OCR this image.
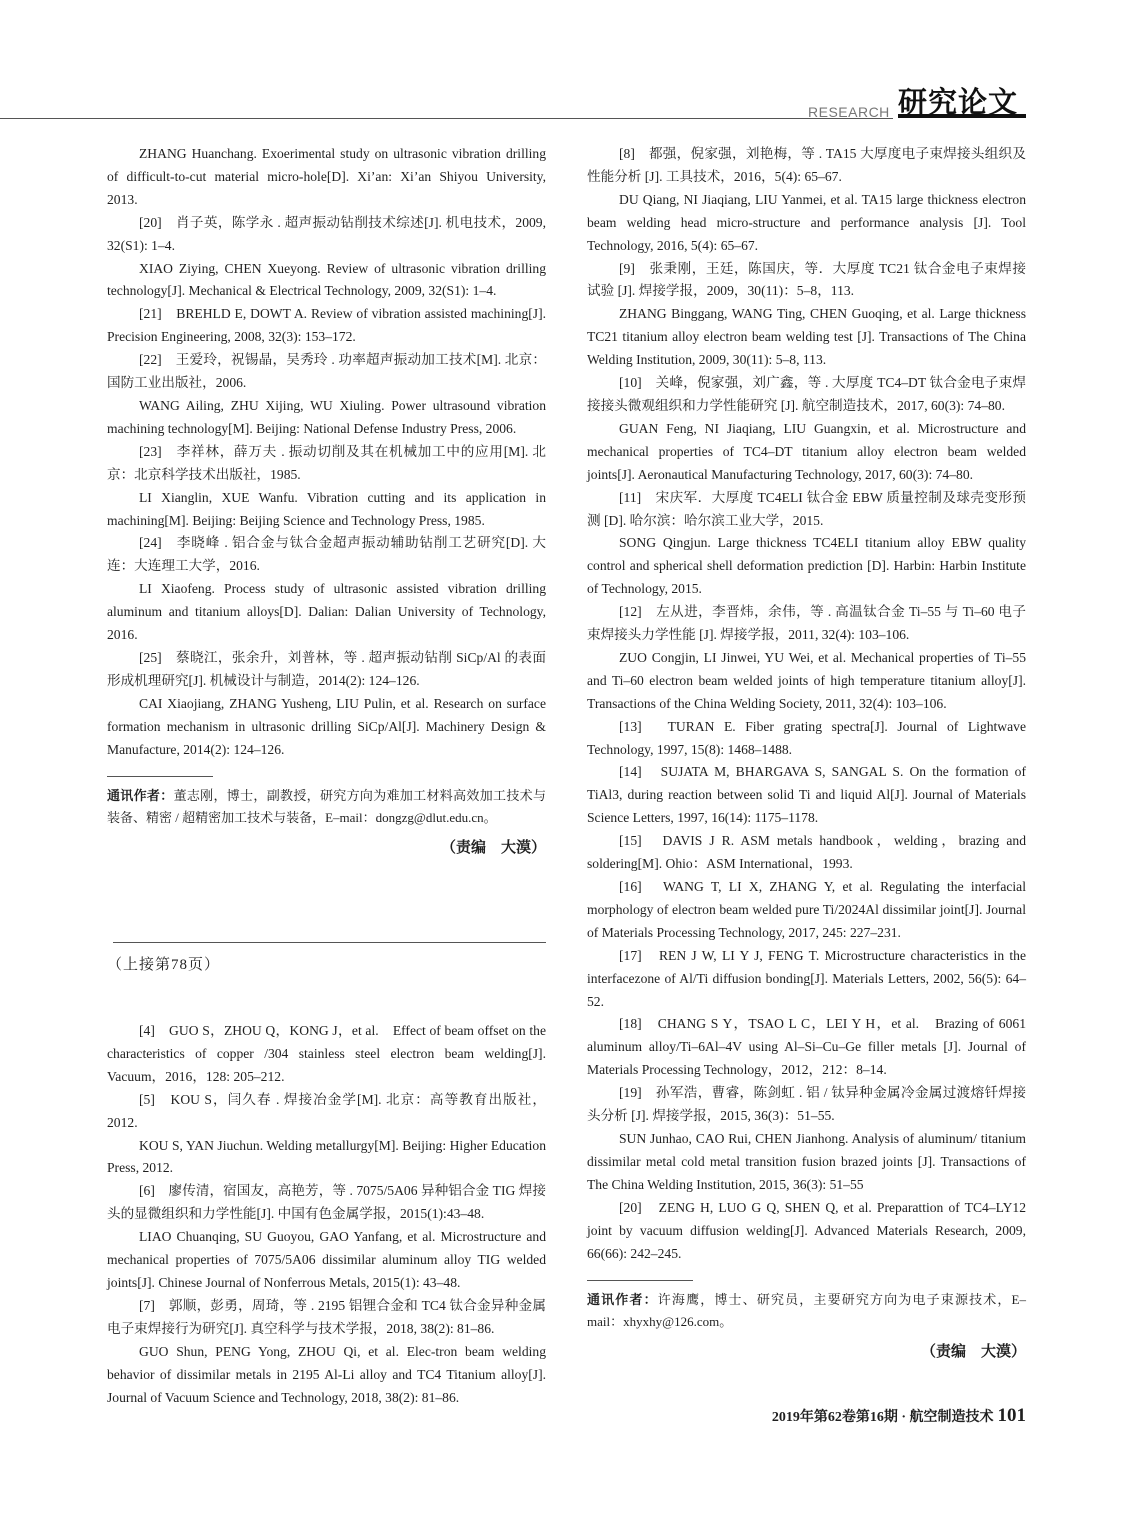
RESEARCH 研究论文

ZHANG Huanchang. Exoerimental study on ultrasonic vibration drilling of difficult-to-cut material micro-hole[D]. Xi’an: Xi’an Shiyou University, 2013.

[20]　肖子英，陈学永 . 超声振动钻削技术综述[J]. 机电技术，2009, 32(S1): 1–4.

XIAO Ziying, CHEN Xueyong. Review of ultrasonic vibration drilling technology[J]. Mechanical & Electrical Technology, 2009, 32(S1): 1–4.

[21]　BREHLD E, DOWT A. Review of vibration assisted machining[J]. Precision Engineering, 2008, 32(3): 153–172.

[22]　王爱玲，祝锡晶，吴秀玲 . 功率超声振动加工技术[M]. 北京：国防工业出版社，2006.

WANG Ailing, ZHU Xijing, WU Xiuling. Power ultrasound vibration machining technology[M]. Beijing: National Defense Industry Press, 2006.

[23]　李祥林，薛万夫 . 振动切削及其在机械加工中的应用[M]. 北京：北京科学技术出版社，1985.

LI Xianglin, XUE Wanfu. Vibration cutting and its application in machining[M]. Beijing: Beijing Science and Technology Press, 1985.

[24]　李晓峰 . 铝合金与钛合金超声振动辅助钻削工艺研究[D]. 大连：大连理工大学，2016.

LI Xiaofeng. Process study of ultrasonic assisted vibration drilling aluminum and titanium alloys[D]. Dalian: Dalian University of Technology, 2016.

[25]　蔡晓江，张余升，刘普林，等 . 超声振动钻削 SiCp/Al 的表面形成机理研究[J]. 机械设计与制造，2014(2): 124–126.

CAI Xiaojiang, ZHANG Yusheng, LIU Pulin, et al. Research on surface formation mechanism in ultrasonic drilling SiCp/Al[J]. Machinery Design & Manufacture, 2014(2): 124–126.

通讯作者：董志刚，博士，副教授，研究方向为难加工材料高效加工技术与装备、精密 / 超精密加工技术与装备，E–mail：dongzg@dlut.edu.cn。
（责编　大漠）
（上接第78页）

[4]　GUO S，ZHOU Q，KONG J，et al.　Effect of beam offset on the characteristics of copper /304 stainless steel electron beam welding[J]. Vacuum，2016，128: 205–212.

[5]　KOU S，闫久春 . 焊接冶金学[M]. 北京：高等教育出版社，2012.

KOU S, YAN Jiuchun. Welding metallurgy[M]. Beijing: Higher Education Press, 2012.

[6]　廖传清，宿国友，高艳芳，等 . 7075/5A06 异种铝合金 TIG 焊接头的显微组织和力学性能[J]. 中国有色金属学报，2015(1):43–48.

LIAO Chuanqing, SU Guoyou, GAO Yanfang, et al. Microstructure and mechanical properties of 7075/5A06 dissimilar aluminum alloy TIG welded joints[J]. Chinese Journal of Nonferrous Metals, 2015(1): 43–48.

[7]　郭顺，彭勇，周琦，等 . 2195 铝锂合金和 TC4 钛合金异种金属电子束焊接行为研究[J]. 真空科学与技术学报，2018, 38(2): 81–86.

GUO Shun, PENG Yong, ZHOU Qi, et al. Elec-tron beam welding behavior of dissimilar metals in 2195 Al-Li alloy and TC4 Titanium alloy[J]. Journal of Vacuum Science and Technology, 2018, 38(2): 81–86.

[8]　都强，倪家强，刘艳梅，等 . TA15 大厚度电子束焊接头组织及性能分析 [J]. 工具技术，2016，5(4): 65–67.

DU Qiang, NI Jiaqiang, LIU Yanmei, et al. TA15 large thickness electron beam welding head micro-structure and performance analysis [J]. Tool Technology, 2016, 5(4): 65–67.

[9]　张秉刚，王廷，陈国庆，等．大厚度 TC21 钛合金电子束焊接试验 [J]. 焊接学报，2009，30(11)：5–8，113.

ZHANG Binggang, WANG Ting, CHEN Guoqing, et al. Large thickness TC21 titanium alloy electron beam welding test [J]. Transactions of The China Welding Institution, 2009, 30(11): 5–8, 113.

[10]　关峰，倪家强，刘广鑫，等 . 大厚度 TC4–DT 钛合金电子束焊接接头微观组织和力学性能研究 [J]. 航空制造技术，2017, 60(3): 74–80.

GUAN Feng, NI Jiaqiang, LIU Guangxin, et al. Microstructure and mechanical properties of TC4–DT titanium alloy electron beam welded joints[J]. Aeronautical Manufacturing Technology, 2017, 60(3): 74–80.

[11]　宋庆军．大厚度 TC4ELI 钛合金 EBW 质量控制及球壳变形预测 [D]. 哈尔滨：哈尔滨工业大学，2015.

SONG Qingjun. Large thickness TC4ELI titanium alloy EBW quality control and spherical shell deformation prediction [D]. Harbin: Harbin Institute of Technology, 2015.

[12]　左从进，李晋炜，余伟，等 . 高温钛合金 Ti–55 与 Ti–60 电子束焊接头力学性能 [J]. 焊接学报，2011, 32(4): 103–106.

ZUO Congjin, LI Jinwei, YU Wei, et al. Mechanical properties of Ti–55 and Ti–60 electron beam welded joints of high temperature titanium alloy[J]. Transactions of the China Welding Society, 2011, 32(4): 103–106.

[13]　TURAN E. Fiber grating spectra[J]. Journal of Lightwave Technology, 1997, 15(8): 1468–1488.

[14]　SUJATA M, BHARGAVA S, SANGAL S. On the formation of TiAl3, during reaction between solid Ti and liquid Al[J]. Journal of Materials Science Letters, 1997, 16(14): 1175–1178.

[15]　DAVIS J R. ASM metals handbook，welding，brazing and soldering[M]. Ohio：ASM International，1993.

[16]　WANG T, LI X, ZHANG Y, et al. Regulating the interfacial morphology of electron beam welded pure Ti/2024Al dissimilar joint[J]. Journal of Materials Processing Technology, 2017, 245: 227–231.

[17]　REN J W, LI Y J, FENG T. Microstructure characteristics in the interfacezone of Al/Ti diffusion bonding[J]. Materials Letters, 2002, 56(5): 64–52.

[18]　CHANG S Y，TSAO L C，LEI Y H，et al.　Brazing of 6061 aluminum alloy/Ti–6Al–4V using Al–Si–Cu–Ge filler metals [J]. Journal of Materials Processing Technology，2012，212：8–14.

[19]　孙军浩，曹睿，陈剑虹 . 铝 / 钛异种金属冷金属过渡熔钎焊接头分析 [J]. 焊接学报，2015, 36(3)：51–55.

SUN Junhao, CAO Rui, CHEN Jianhong. Analysis of aluminum/ titanium dissimilar metal cold metal transition fusion brazed joints [J]. Transactions of The China Welding Institution, 2015, 36(3): 51–55

[20]　ZENG H, LUO G Q, SHEN Q, et al. Preparattion of TC4–LY12 joint by vacuum diffusion welding[J]. Advanced Materials Research, 2009, 66(66): 242–245.

通讯作者：许海鹰，博士、研究员，主要研究方向为电子束源技术，E–mail：xhyxhy@126.com。
（责编　大漠）
2019年第62卷第16期 · 航空制造技术 101
